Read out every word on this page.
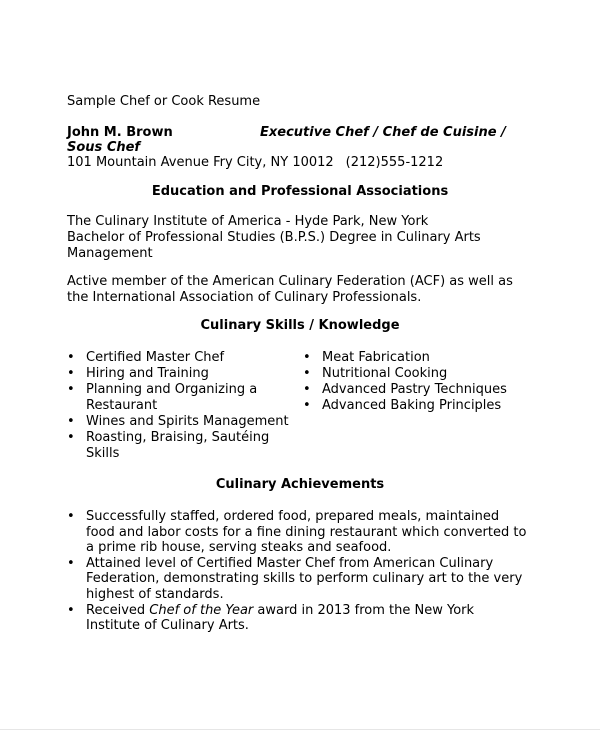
Sample Chef or Cook Resume
John M. Brown	Executive Chef / Chef de Cuisine / Sous Chef
101 Mountain Avenue Fry City, NY 10012 (212)555-1212
Education and Professional Associations
The Culinary Institute of America - Hyde Park, New York
Bachelor of Professional Studies (B.P.S.) Degree in Culinary Arts Management
Active member of the American Culinary Federation (ACF) as well as the International Association of Culinary Professionals.
Culinary Skills / Knowledge
• Certified Master Chef
• Hiring and Training
• Planning and Organizing a Restaurant
• Wines and Spirits Management
• Roasting, Braising, Sautéing Skills
• Meat Fabrication
• Nutritional Cooking
• Advanced Pastry Techniques
• Advanced Baking Principles
Culinary Achievements
• Successfully staffed, ordered food, prepared meals, maintained food and labor costs for a fine dining restaurant which converted to a prime rib house, serving steaks and seafood.
• Attained level of Certified Master Chef from American Culinary Federation, demonstrating skills to perform culinary art to the very highest of standards.
• Received Chef of the Year award in 2013 from the New York Institute of Culinary Arts.
